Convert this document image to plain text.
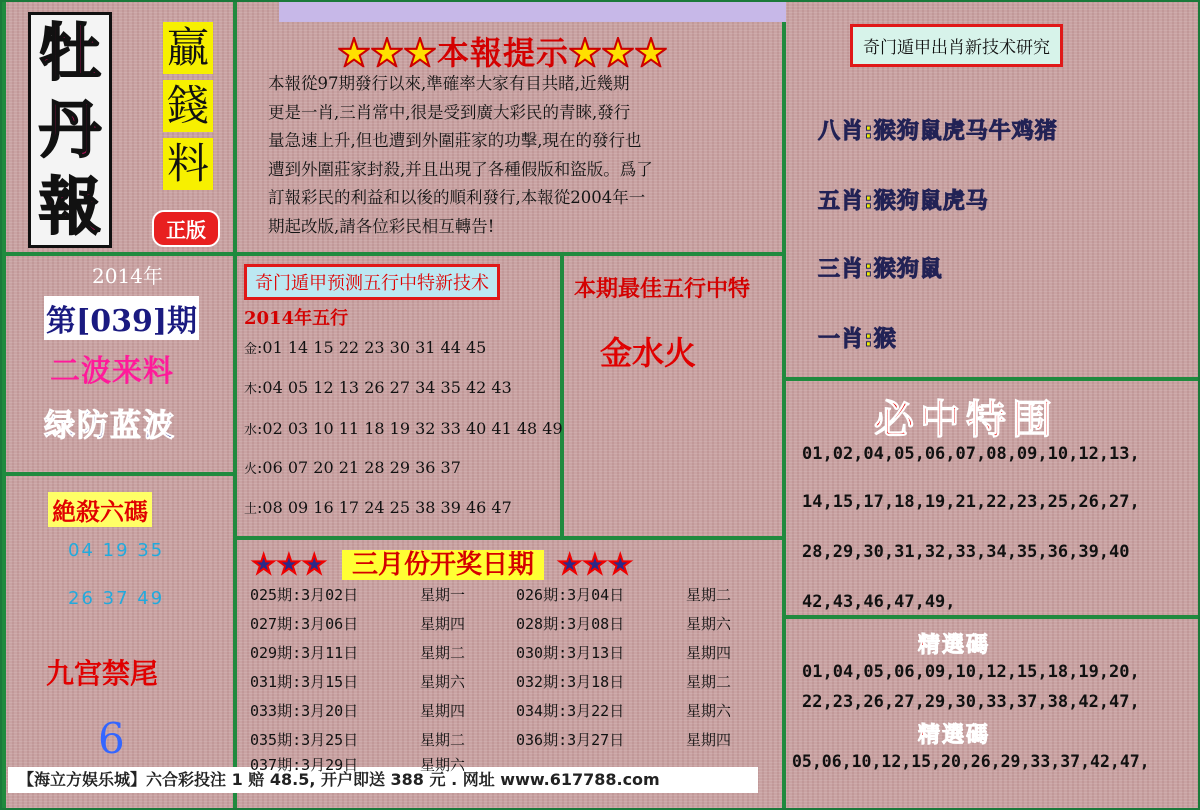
牡
丹
報
贏
錢
料
正版
★★★本報提示★★★
本報從97期發行以來,準確率大家有目共睹,近幾期
更是一肖,三肖常中,很是受到廣大彩民的青睞,發行
量急速上升,但也遭到外圍莊家的功擊,現在的發行也
遭到外圍莊家封殺,并且出現了各種假版和盜版。爲了
訂報彩民的利益和以後的順利發行,本報從2004年一
期起改版,請各位彩民相互轉告!
奇门遁甲出肖新技术研究
八肖:猴狗鼠虎马牛鸡猪
五肖:猴狗鼠虎马
三肖:猴狗鼠
一肖:猴
2014年
第[039]期
二波来料
绿防蓝波
絶殺六碼
04 19 35
26 37 49
九宫禁尾
6
奇门遁甲预测五行中特新技术
2014年五行
金:01 14 15 22 23 30 31 44 45
木:04 05 12 13 26 27 34 35 42 43
水:02 03 10 11 18 19 32 33 40 41 48 49
火:06 07 20 21 28 29 36 37
土:08 09 16 17 24 25 38 39 46 47
本期最佳五行中特
金水火
必中特围
01,02,04,05,06,07,08,09,10,12,13,
14,15,17,18,19,21,22,23,25,26,27,
28,29,30,31,32,33,34,35,36,39,40
42,43,46,47,49,
精選碼
01,04,05,06,09,10,12,15,18,19,20,
22,23,26,27,29,30,33,37,38,42,47,
精選碼
05,06,10,12,15,20,26,29,33,37,42,47,
★★★ 三月份开奖日期 ★★★
【海立方娱乐城】六合彩投注 1 赔 48.5, 开户即送 388 元 . 网址 www.617788.com
025期:3月02日	星期一	026期:3月04日	星期二
027期:3月06日	星期四	028期:3月08日	星期六
029期:3月11日	星期二	030期:3月13日	星期四
031期:3月15日	星期六	032期:3月18日	星期二
033期:3月20日	星期四	034期:3月22日	星期六
035期:3月25日	星期二	036期:3月27日	星期四
037期:3月29日	星期六
